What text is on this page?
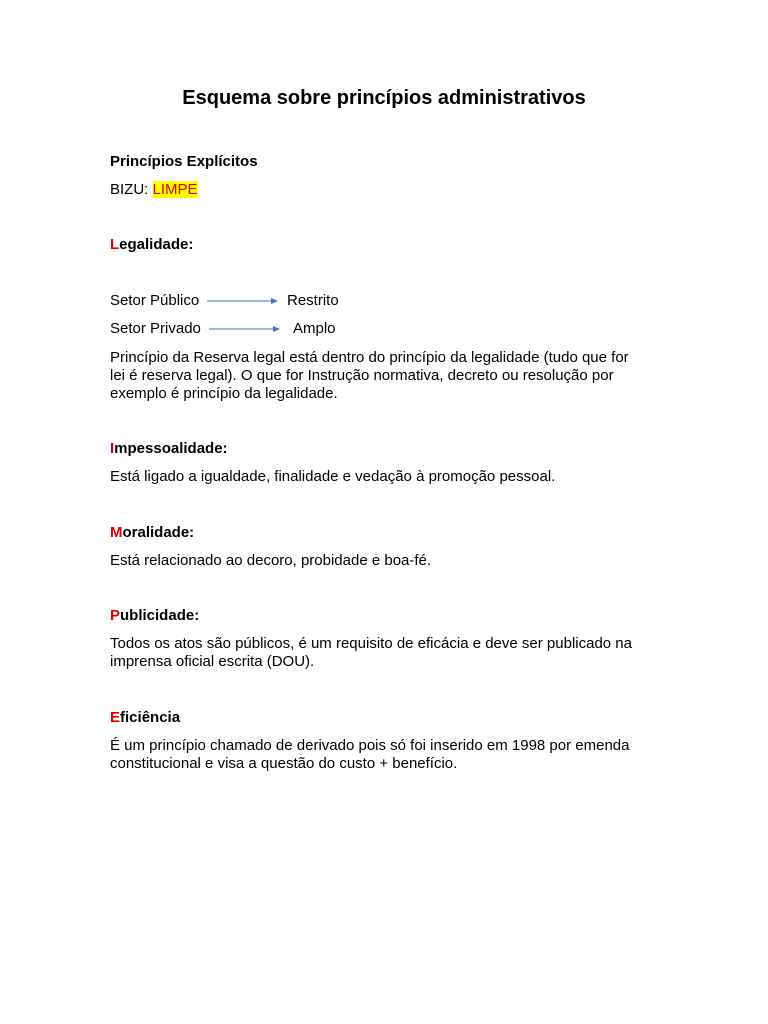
Esquema sobre princípios administrativos
Princípios Explícitos
BIZU: LIMPE
Legalidade:
Setor Público	Restrito
Setor Privado	Amplo
Princípio da Reserva legal está dentro do princípio da legalidade (tudo que for
lei é reserva legal). O que for Instrução normativa, decreto ou resolução por
exemplo é princípio da legalidade.
Impessoalidade:
Está ligado a igualdade, finalidade e vedação à promoção pessoal.
Moralidade:
Está relacionado ao decoro, probidade e boa-fé.
Publicidade:
Todos os atos são públicos, é um requisito de eficácia e deve ser publicado na
imprensa oficial escrita (DOU).
Eficiência
É um princípio chamado de derivado pois só foi inserido em 1998 por emenda
constitucional e visa a questão do custo + benefício.
